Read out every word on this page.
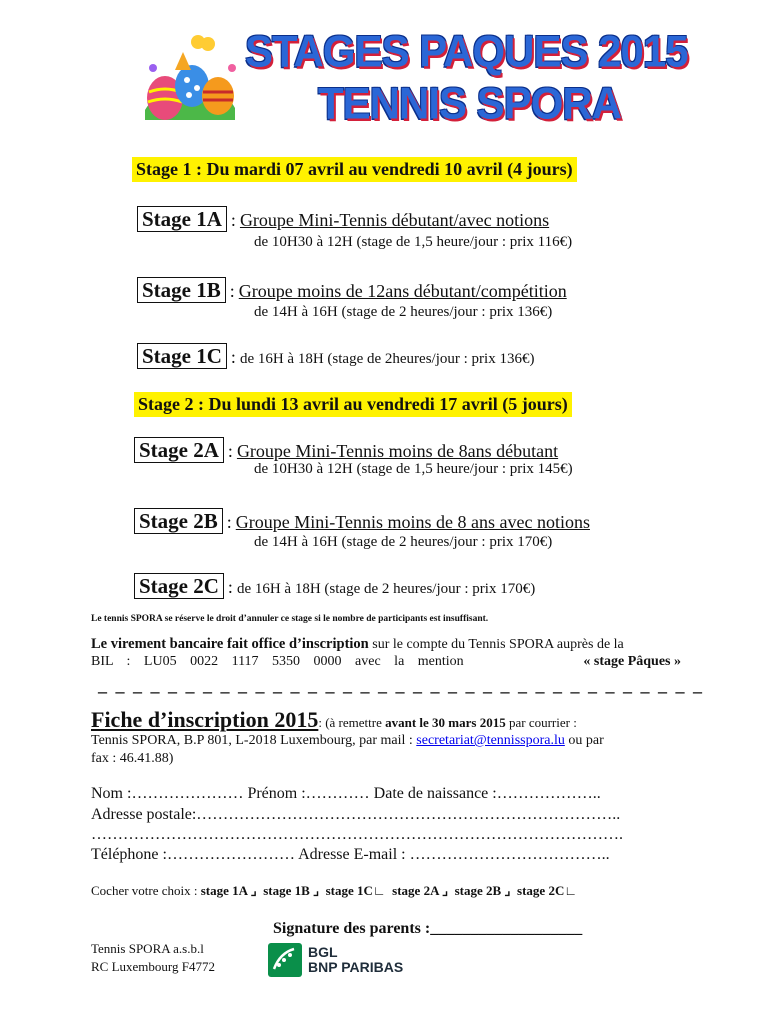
STAGES PAQUES 2015
TENNIS SPORA
Stage 1 : Du mardi 07 avril au vendredi 10 avril (4 jours)
Stage 1A : Groupe Mini-Tennis débutant/avec notions
de 10H30 à 12H (stage de 1,5 heure/jour : prix 116€)
Stage 1B : Groupe moins de 12ans débutant/compétition
de 14H à 16H (stage de 2 heures/jour : prix 136€)
Stage 1C : de 16H à 18H (stage de 2heures/jour : prix 136€)
Stage 2 : Du lundi 13 avril au vendredi 17 avril (5 jours)
Stage 2A : Groupe Mini-Tennis moins de 8ans débutant
de 10H30 à 12H (stage de 1,5 heure/jour : prix 145€)
Stage 2B : Groupe Mini-Tennis moins de 8 ans avec notions
de 14H à 16H (stage de 2 heures/jour : prix 170€)
Stage 2C : de 16H à 18H (stage de 2 heures/jour : prix 170€)
Le tennis SPORA se réserve le droit d’annuler ce stage si le nombre de participants est insuffisant.
Le virement bancaire fait office d’inscription sur le compte du Tennis SPORA auprès de la
BIL : LU05 0022 1117 5350 0000 avec la mention	« stage Pâques »
_ _ _ _ _ _ _ _ _ _ _ _ _ _ _ _ _ _ _ _ _ _ _ _ _ _ _ _ _ _ _ _ _ _ _
Fiche d’inscription 2015: (à remettre avant le 30 mars 2015 par courrier :
Tennis SPORA, B.P 801, L-2018 Luxembourg, par mail : secretariat@tennisspora.lu ou par
fax : 46.41.88)
Nom :………………… Prénom :………… Date de naissance :………………..
Adresse postale:……………………………………………………………………..
……………………………………………………………………………………….
Téléphone :…………………… Adresse E-mail : ………………………………..
Cocher votre choix : stage 1A ⌟ stage 1B ⌟ stage 1C∟ stage 2A ⌟ stage 2B ⌟ stage 2C∟
Signature des parents :___________________
Tennis SPORA a.s.b.l
RC Luxembourg F4772
BGL
BNP PARIBAS
